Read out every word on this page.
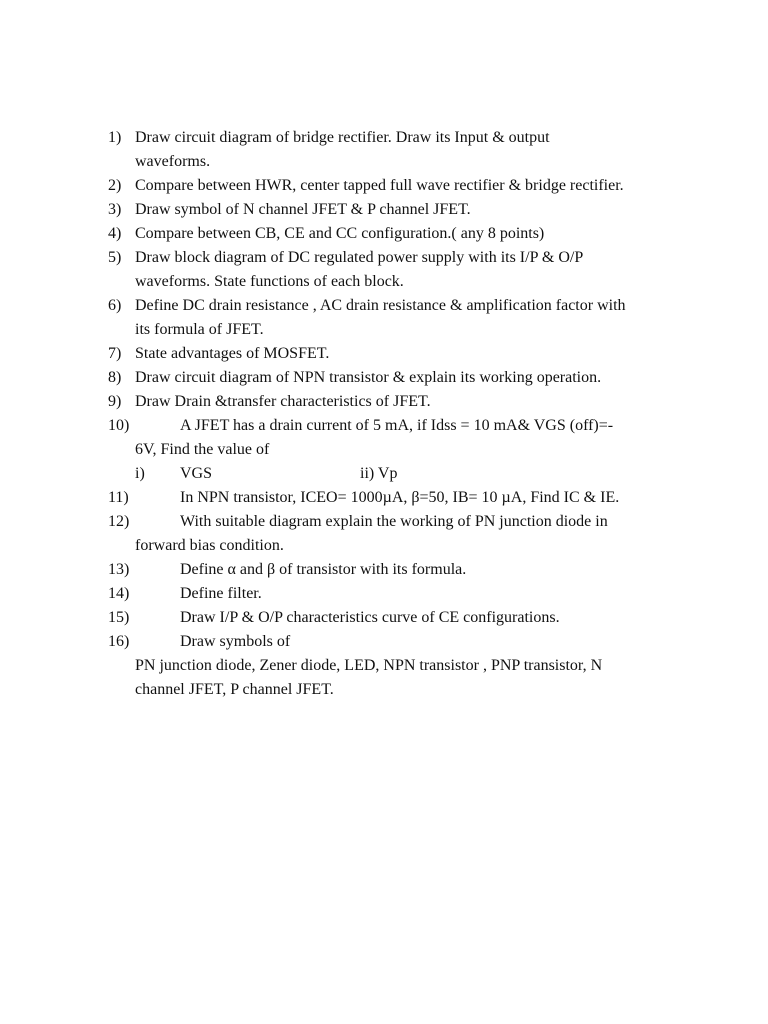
1) Draw circuit diagram of bridge rectifier. Draw its Input & output
waveforms.
2) Compare between HWR, center tapped full wave rectifier & bridge rectifier.
3) Draw symbol of N channel JFET & P channel JFET.
4) Compare between CB, CE and CC configuration.( any 8 points)
5) Draw block diagram of DC regulated power supply with its I/P & O/P
waveforms. State functions of each block.
6) Define DC drain resistance , AC drain resistance & amplification factor with
its formula of JFET.
7) State advantages of MOSFET.
8) Draw circuit diagram of NPN transistor & explain its working operation.
9) Draw Drain &transfer characteristics of JFET.
10)	A JFET has a drain current of 5 mA, if Idss = 10 mA& VGS (off)=-
6V, Find the value of
i) VGS	ii) Vp
11)	In NPN transistor, ICEO= 1000µA, β=50, IB= 10 µA, Find IC & IE.
12)	With suitable diagram explain the working of PN junction diode in
forward bias condition.
13)	Define α and β of transistor with its formula.
14)	Define filter.
15)	Draw I/P & O/P characteristics curve of CE configurations.
16)	Draw symbols of
PN junction diode, Zener diode, LED, NPN transistor , PNP transistor, N
channel JFET, P channel JFET.
